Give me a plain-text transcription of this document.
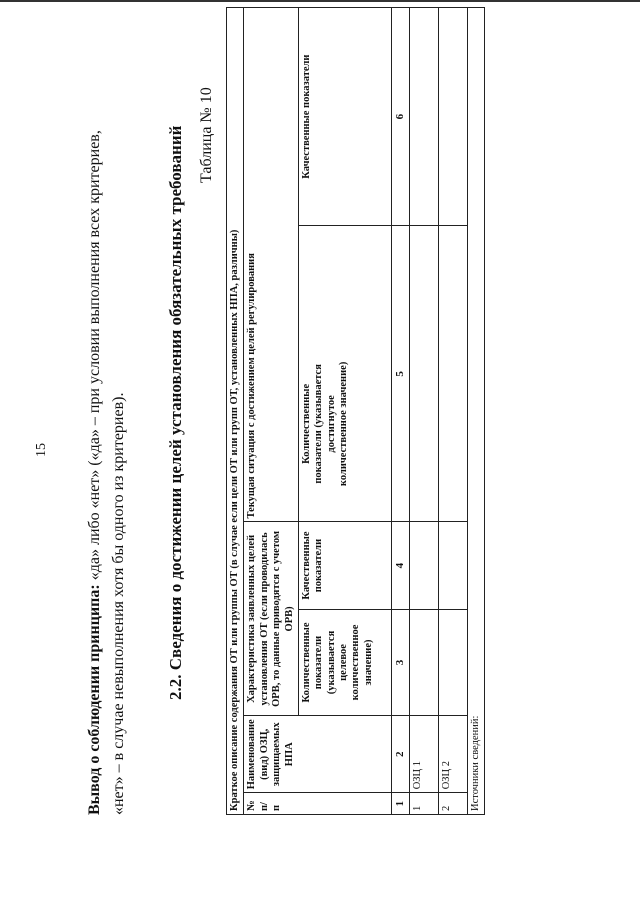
15
Вывод о соблюдении принципа: «да» либо «нет» («да» – при условии выполнения всех критериев,
«нет» – в случае невыполнения хотя бы одного из критериев). 2.2. Сведения о достижении целей установления обязательных требований Таблица № 10
Краткое описание содержания ОТ или группы ОТ (в случае если цели ОТ или групп ОТ, установленных НПА, различны)					
№ п/п	Наименование (вид) ОЗЦ, защищаемых НПА	Характеристика заявленных целей установления ОТ (если проводилась ОРВ, то данные приводятся с учетом ОРВ)		Текущая ситуация с достижением целей регулирования	
		Количественные показатели (указывается целевое количественное значение)	Качественные показатели	Количественные показатели (указывается достигнутое количественное значение)	Качественные показатели
1	2	3	4	5	6
1	ОЗЦ 1				
2	ОЗЦ 2				
Источники сведений:					
